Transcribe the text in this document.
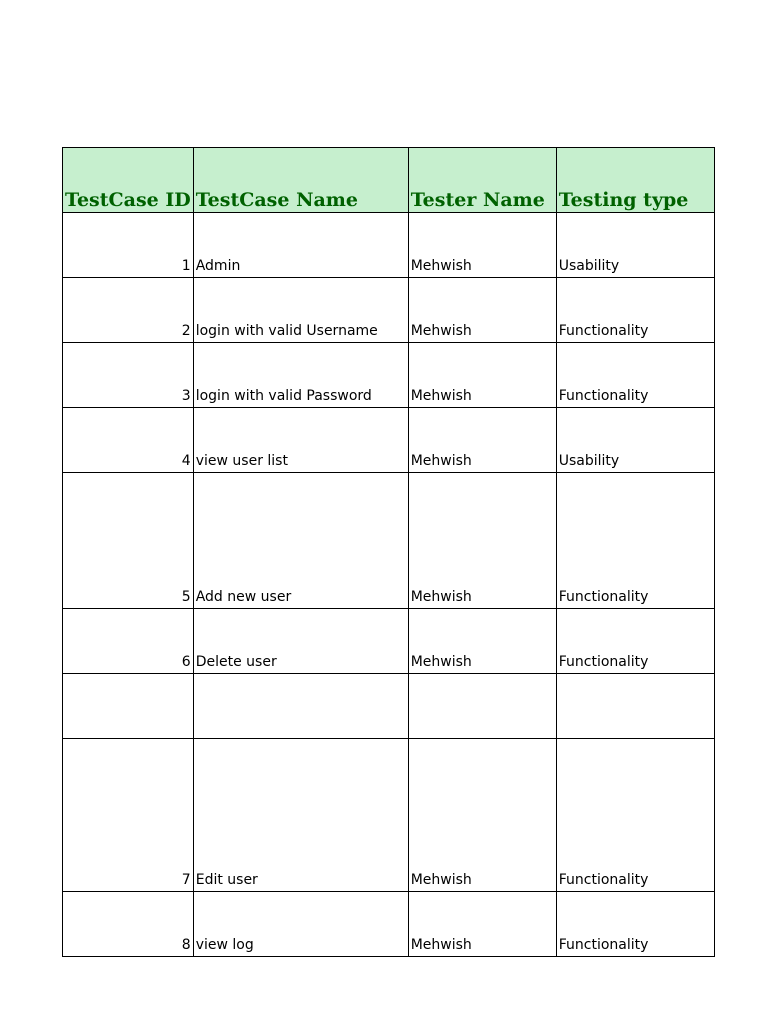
TestCase ID	TestCase Name	Tester Name	Testing type
1	Admin	Mehwish	Usability
2	login with valid Username	Mehwish	Functionality
3	login with valid Password	Mehwish	Functionality
4	view user list	Mehwish	Usability
5	Add new user	Mehwish	Functionality
6	Delete user	Mehwish	Functionality

7	Edit user	Mehwish	Functionality
8	view log	Mehwish	Functionality
